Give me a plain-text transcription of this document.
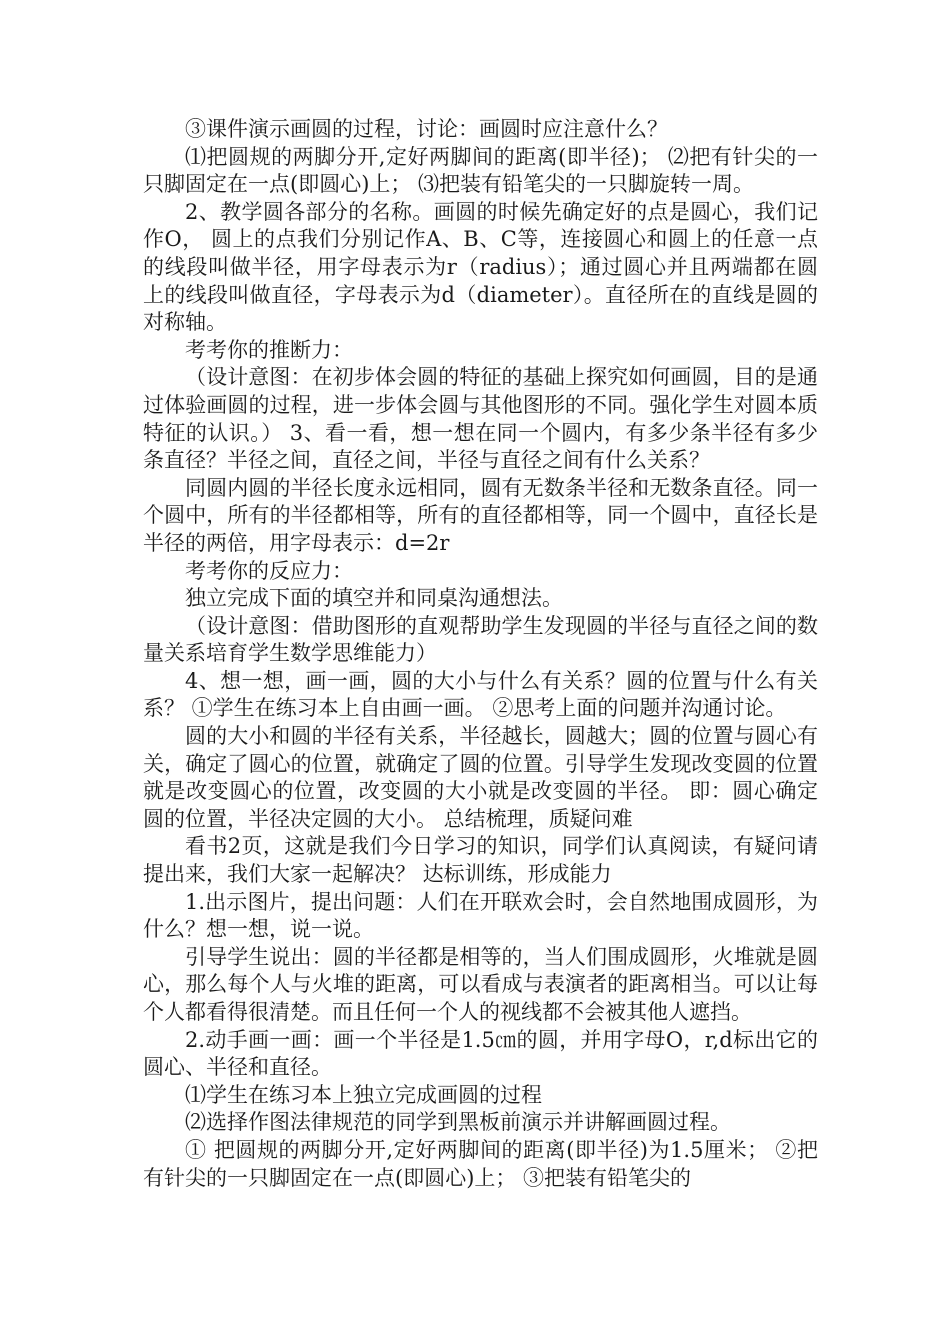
③课件演示画圆的过程，讨论：画圆时应注意什么？

⑴把圆规的两脚分开,定好两脚间的距离(即半径)； ⑵把有针尖的一只脚固定在一点(即圆心)上； ⑶把装有铅笔尖的一只脚旋转一周。

2、教学圆各部分的名称。画圆的时候先确定好的点是圆心，我们记作O， 圆上的点我们分别记作A、B、C等，连接圆心和圆上的任意一点的线段叫做半径，用字母表示为r（radius）；通过圆心并且两端都在圆上的线段叫做直径，字母表示为d（diameter）。直径所在的直线是圆的对称轴。

考考你的推断力：

（设计意图：在初步体会圆的特征的基础上探究如何画圆，目的是通过体验画圆的过程，进一步体会圆与其他图形的不同。强化学生对圆本质特征的认识。） 3、看一看，想一想在同一个圆内，有多少条半径有多少条直径？半径之间，直径之间，半径与直径之间有什么关系？

同圆内圆的半径长度永远相同，圆有无数条半径和无数条直径。同一个圆中，所有的半径都相等，所有的直径都相等，同一个圆中，直径长是半径的两倍，用字母表示：d=2r

考考你的反应力：

独立完成下面的填空并和同桌沟通想法。

（设计意图：借助图形的直观帮助学生发现圆的半径与直径之间的数量关系培育学生数学思维能力）

4、想一想，画一画，圆的大小与什么有关系？圆的位置与什么有关系？ ①学生在练习本上自由画一画。 ②思考上面的问题并沟通讨论。

圆的大小和圆的半径有关系，半径越长，圆越大；圆的位置与圆心有关，确定了圆心的位置，就确定了圆的位置。引导学生发现改变圆的位置就是改变圆心的位置，改变圆的大小就是改变圆的半径。 即：圆心确定圆的位置，半径决定圆的大小。 总结梳理，质疑问难

看书2页，这就是我们今日学习的知识，同学们认真阅读，有疑问请提出来，我们大家一起解决？ 达标训练，形成能力

1.出示图片，提出问题：人们在开联欢会时，会自然地围成圆形，为什么？想一想，说一说。

引导学生说出：圆的半径都是相等的，当人们围成圆形，火堆就是圆心，那么每个人与火堆的距离，可以看成与表演者的距离相当。可以让每个人都看得很清楚。而且任何一个人的视线都不会被其他人遮挡。

2.动手画一画：画一个半径是1.5㎝的圆，并用字母O，r,d标出它的圆心、半径和直径。

⑴学生在练习本上独立完成画圆的过程

⑵选择作图法律规范的同学到黑板前演示并讲解画圆过程。

① 把圆规的两脚分开,定好两脚间的距离(即半径)为1.5厘米； ②把有针尖的一只脚固定在一点(即圆心)上； ③把装有铅笔尖的
